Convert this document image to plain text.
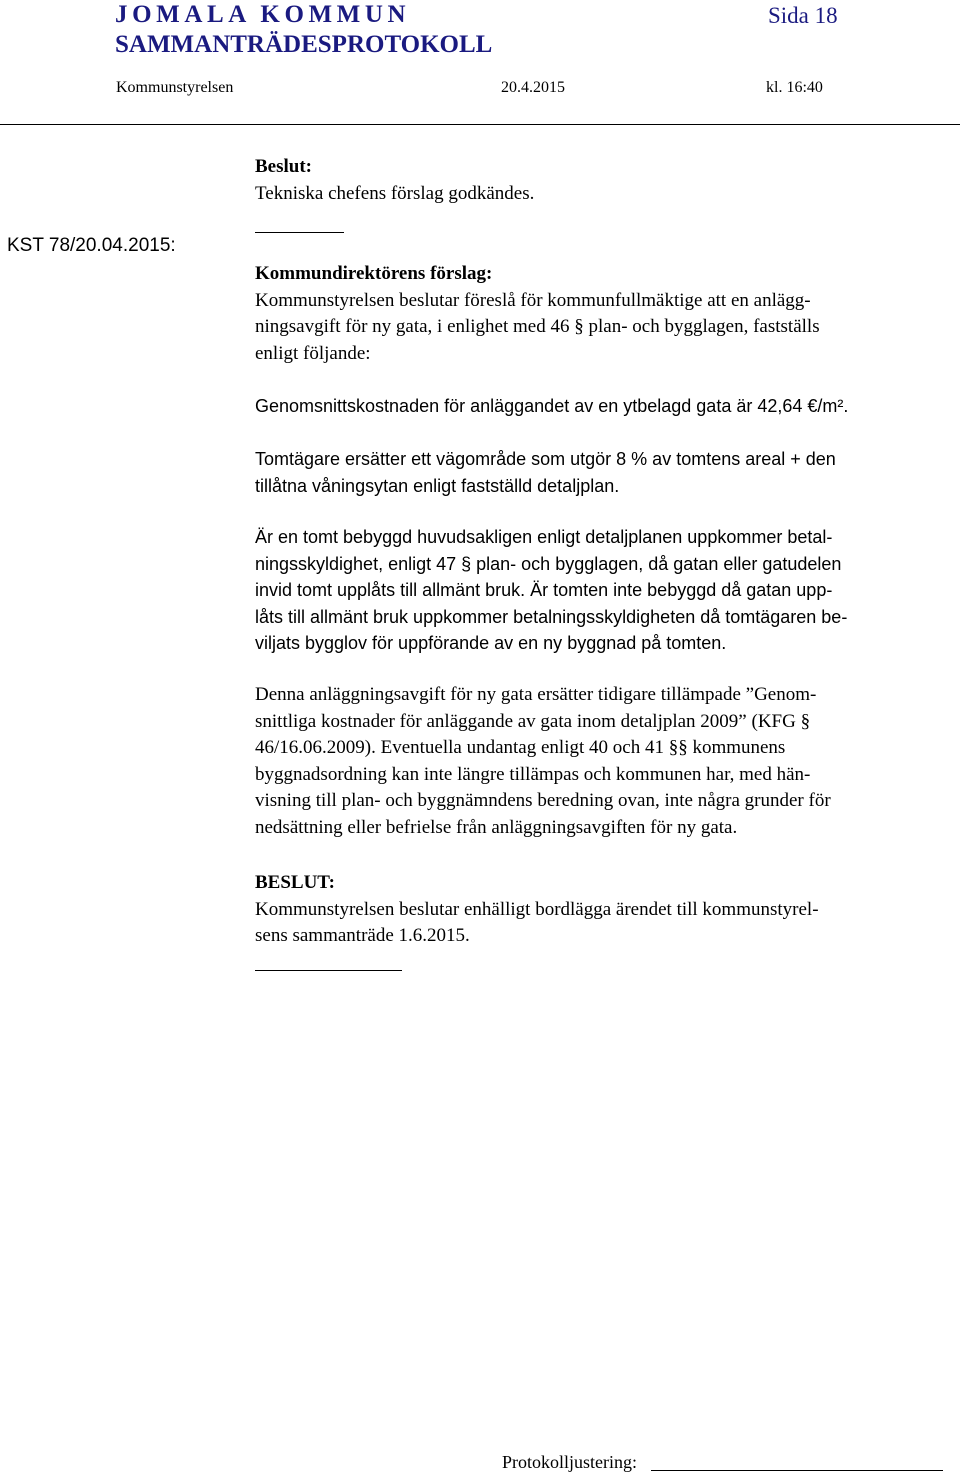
JOMALA KOMMUN
SAMMANTRÄDESPROTOKOLL
Sida 18
Kommunstyrelsen	20.4.2015	kl. 16:40
Beslut:
Tekniska chefens förslag godkändes.
KST 78/20.04.2015:
Kommundirektörens förslag:
Kommunstyrelsen beslutar föreslå för kommunfullmäktige att en anlägg-
ningsavgift för ny gata, i enlighet med 46 § plan- och bygglagen, fastställs
enligt följande:
Genomsnittskostnaden för anläggandet av en ytbelagd gata är 42,64 €/m².
Tomtägare ersätter ett vägområde som utgör 8 % av tomtens areal + den
tillåtna våningsytan enligt fastställd detaljplan.
Är en tomt bebyggd huvudsakligen enligt detaljplanen uppkommer betal-
ningsskyldighet, enligt 47 § plan- och bygglagen, då gatan eller gatudelen
invid tomt upplåts till allmänt bruk. Är tomten inte bebyggd då gatan upp-
låts till allmänt bruk uppkommer betalningsskyldigheten då tomtägaren be-
viljats bygglov för uppförande av en ny byggnad på tomten.
Denna anläggningsavgift för ny gata ersätter tidigare tillämpade ”Genom-
snittliga kostnader för anläggande av gata inom detaljplan 2009” (KFG §
46/16.06.2009). Eventuella undantag enligt 40 och 41 §§ kommunens
byggnadsordning kan inte längre tillämpas och kommunen har, med hän-
visning till plan- och byggnämndens beredning ovan, inte några grunder för
nedsättning eller befrielse från anläggningsavgiften för ny gata.
BESLUT:
Kommunstyrelsen beslutar enhälligt bordlägga ärendet till kommunstyrel-
sens sammanträde 1.6.2015.
Protokolljustering:
